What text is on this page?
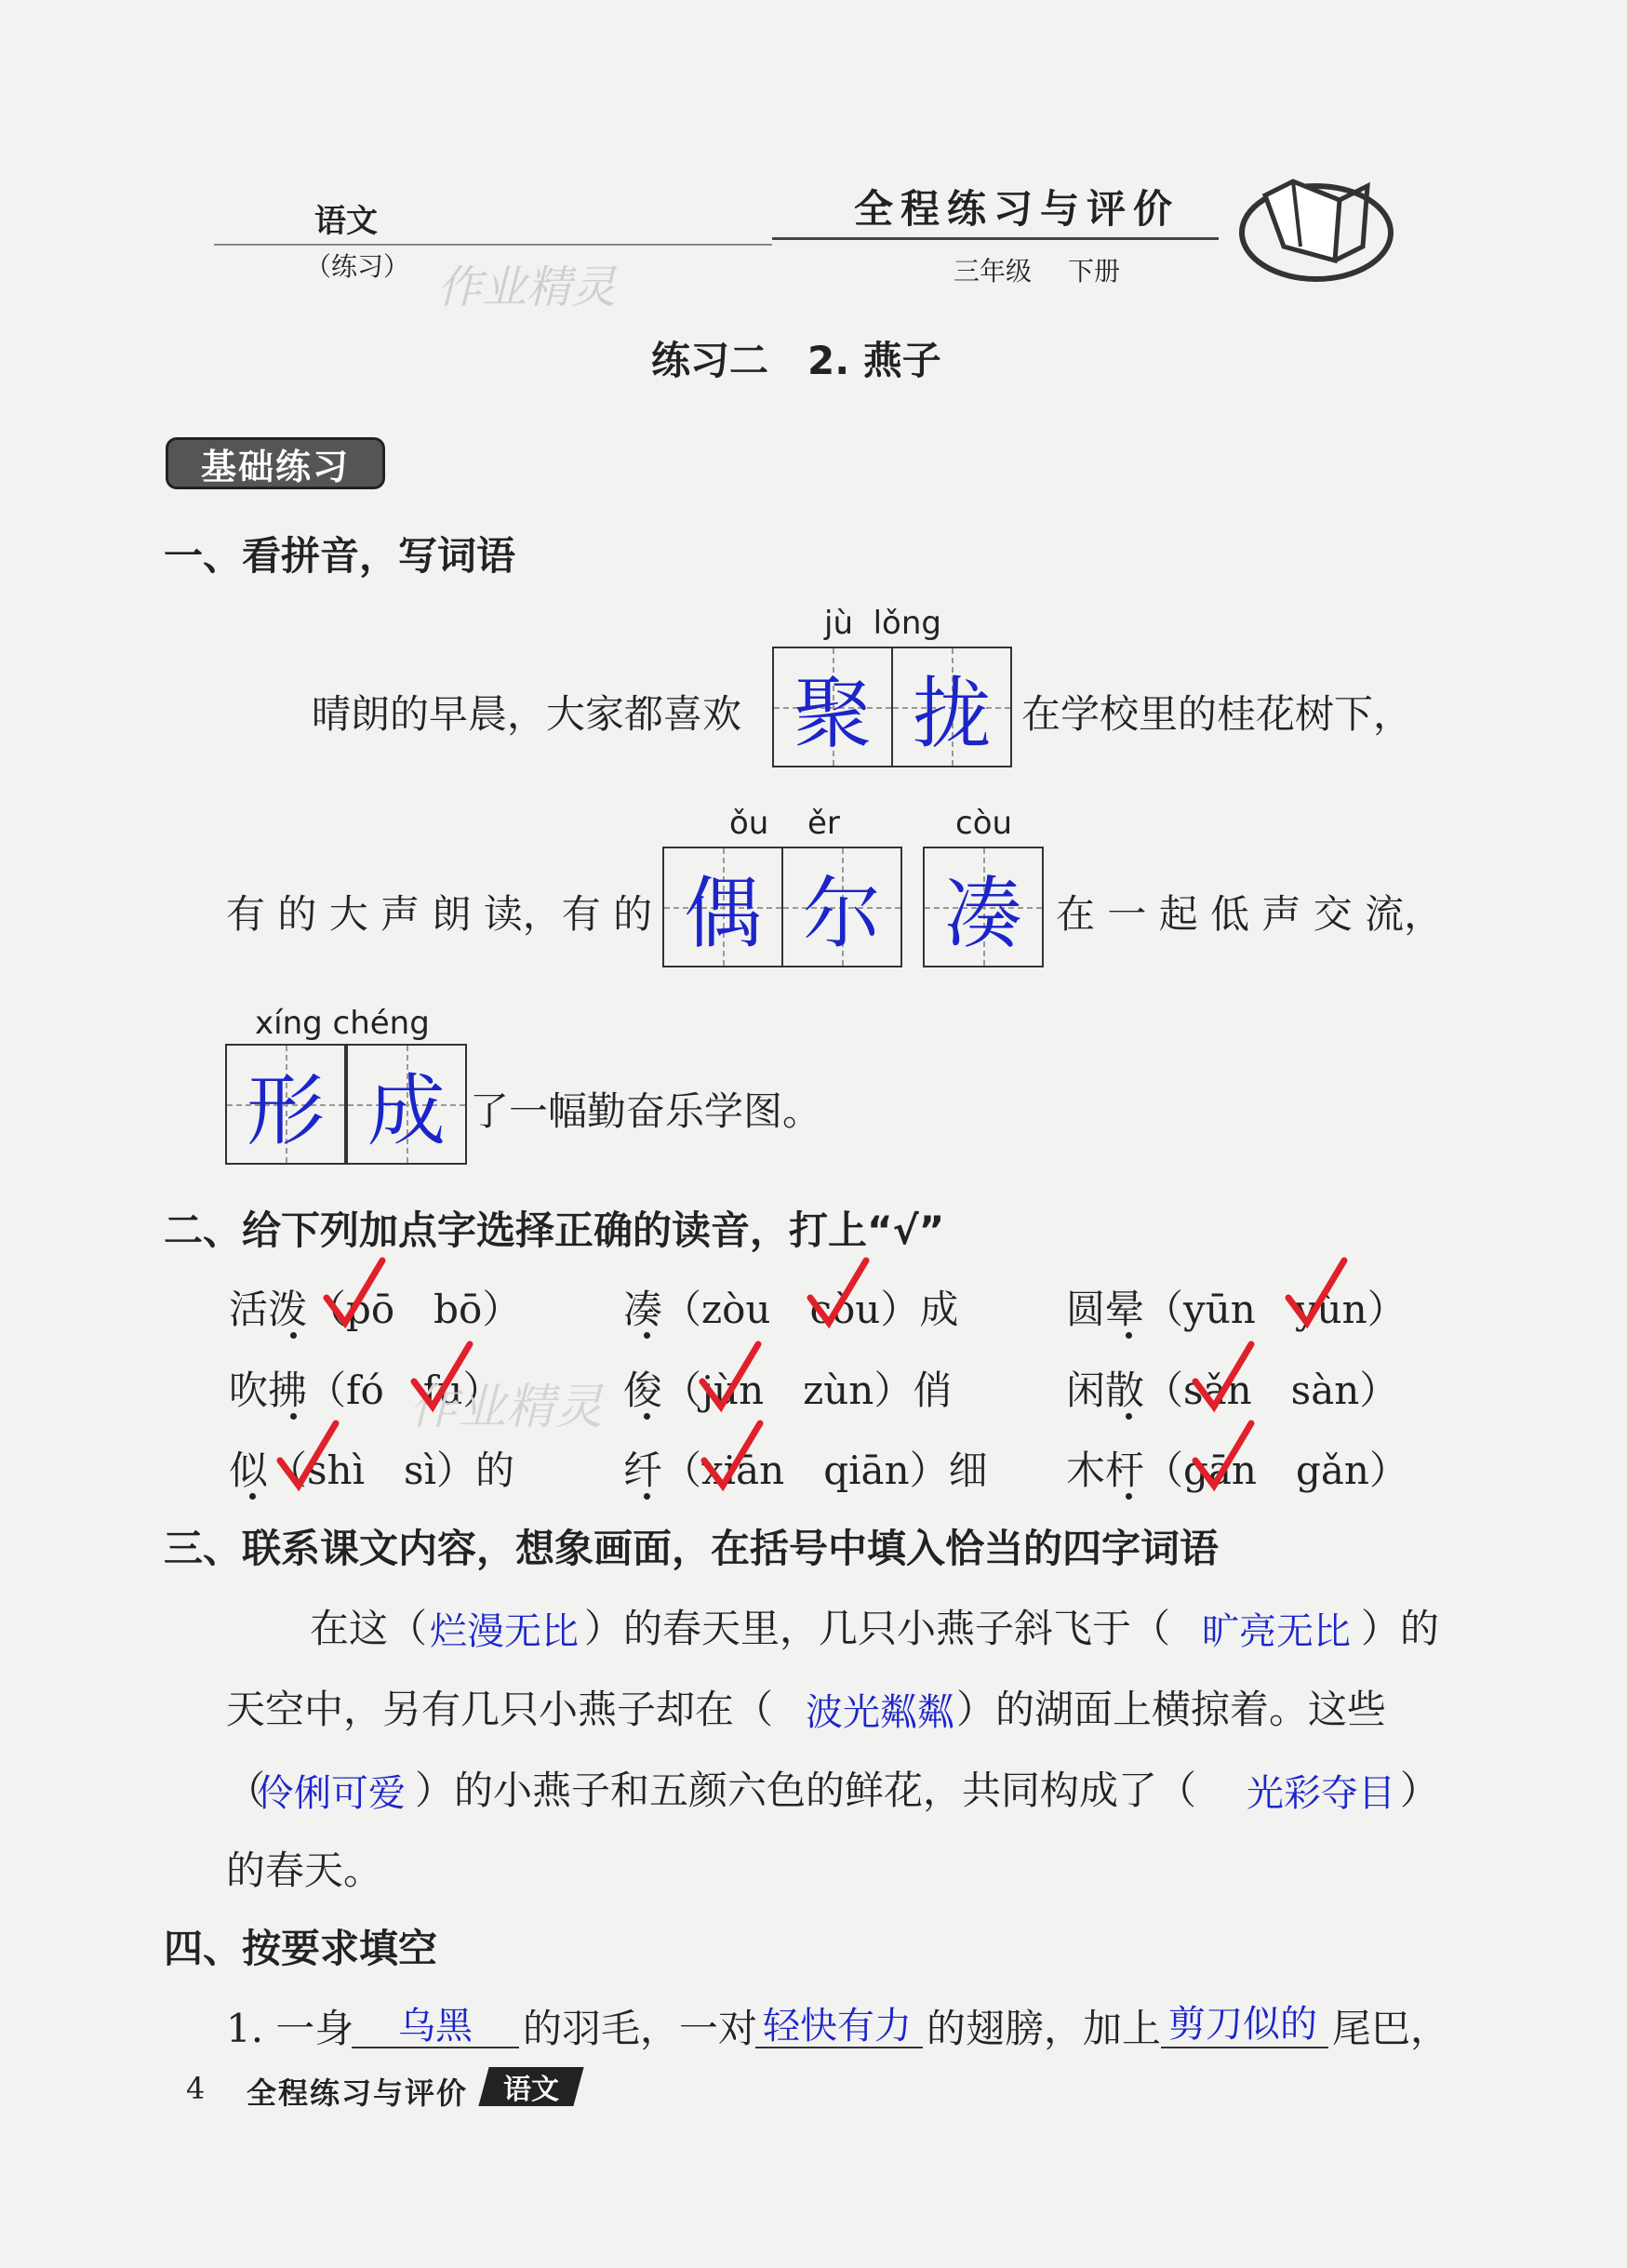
语文
（练习） 作业精灵
全程练习与评价
三年级 下册
练习二　2. 燕子
基础练习
一、看拼音，写词语
jù  lǒng
晴朗的早晨，大家都喜欢 聚 拢 在学校里的桂花树下，
ǒu ěr	còu
有 的 大 声 朗 读，有 的 偶 尔 凑 在 一 起 低 声 交 流，
xíng chéng
形 成 了一幅勤奋乐学图。
二、给下列加点字选择正确的读音，打上“√”
活泼（pō　bō）	凑（zòu　còu）成	圆晕（yūn　yùn）
吹拂（fó　fú）	俊（jùn　zùn）俏	闲散（sǎn　sàn）
似（shì　sì）的	纤（xiān　qiān）细 木杆（gān　gǎn）
作业精灵
三、联系课文内容，想象画面，在括号中填入恰当的四字词语
在这（ 烂漫无比 ）的春天里，几只小燕子斜飞于（ 旷亮无比 ）的
天空中，另有几只小燕子却在（ 波光粼粼 ）的湖面上横掠着。这些
（
伶俐可爱 ）的小燕子和五颜六色的鲜花，共同构成了（ 光彩夺目 ）
的春天。
四、按要求填空
1. 一身 乌黑 的羽毛，一对 轻快有力 的翅膀，加上 剪刀似的 尾巴，
4 全程练习与评价 语文
